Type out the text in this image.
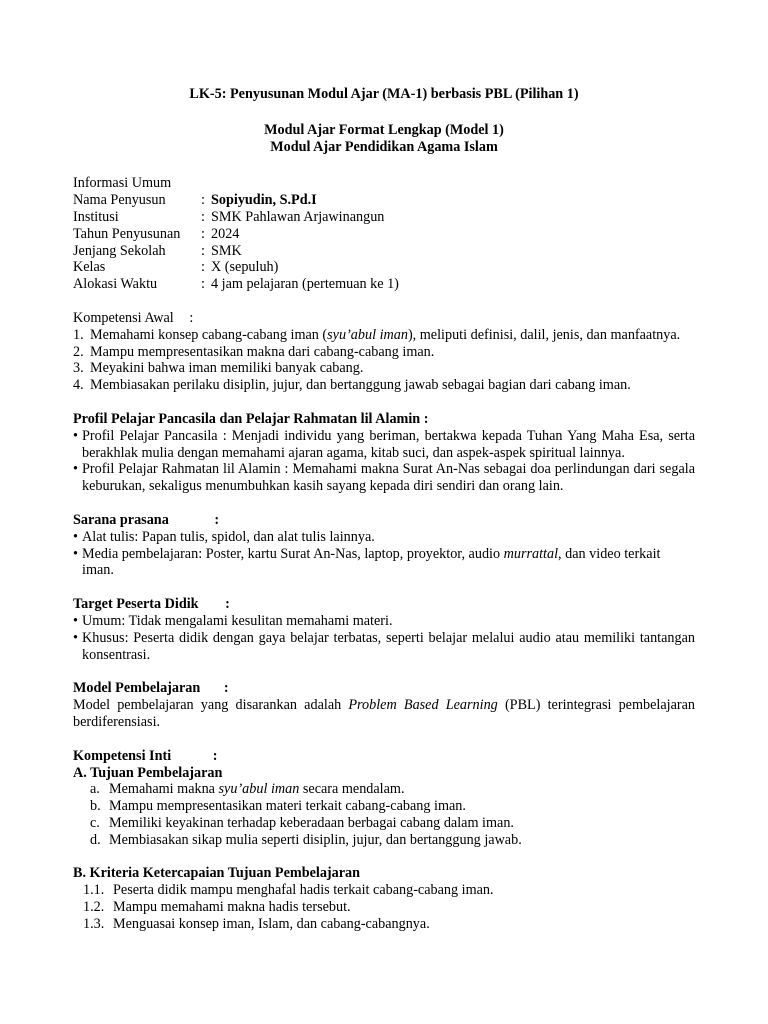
LK-5: Penyusunan Modul Ajar (MA-1) berbasis PBL (Pilihan 1)
Modul Ajar Format Lengkap (Model 1)
Modul Ajar Pendidikan Agama Islam
Informasi Umum
Nama Penyusun	: Sopiyudin, S.Pd.I
Institusi	: SMK Pahlawan Arjawinangun
Tahun Penyusunan	: 2024
Jenjang Sekolah	: SMK
Kelas	: X (sepuluh)
Alokasi Waktu	: 4 jam pelajaran (pertemuan ke 1)
Kompetensi Awal :
1. Memahami konsep cabang-cabang iman (syu’abul iman), meliputi definisi, dalil, jenis, dan manfaatnya.
2. Mampu mempresentasikan makna dari cabang-cabang iman.
3. Meyakini bahwa iman memiliki banyak cabang.
4. Membiasakan perilaku disiplin, jujur, dan bertanggung jawab sebagai bagian dari cabang iman.
Profil Pelajar Pancasila dan Pelajar Rahmatan lil Alamin :
• Profil Pelajar Pancasila : Menjadi individu yang beriman, bertakwa kepada Tuhan Yang Maha Esa, serta berakhlak mulia dengan memahami ajaran agama, kitab suci, dan aspek-aspek spiritual lainnya.
• Profil Pelajar Rahmatan lil Alamin : Memahami makna Surat An-Nas sebagai doa perlindungan dari segala keburukan, sekaligus menumbuhkan kasih sayang kepada diri sendiri dan orang lain.
Sarana prasana	:
• Alat tulis: Papan tulis, spidol, dan alat tulis lainnya.
• Media pembelajaran: Poster, kartu Surat An-Nas, laptop, proyektor, audio murrattal, dan video terkait iman.
Target Peserta Didik :
• Umum: Tidak mengalami kesulitan memahami materi.
• Khusus: Peserta didik dengan gaya belajar terbatas, seperti belajar melalui audio atau memiliki tantangan konsentrasi.
Model Pembelajaran :
Model pembelajaran yang disarankan adalah Problem Based Learning (PBL) terintegrasi pembelajaran berdiferensiasi.
Kompetensi Inti	:
A. Tujuan Pembelajaran
a. Memahami makna syu’abul iman secara mendalam.
b. Mampu mempresentasikan materi terkait cabang-cabang iman.
c. Memiliki keyakinan terhadap keberadaan berbagai cabang dalam iman.
d. Membiasakan sikap mulia seperti disiplin, jujur, dan bertanggung jawab.
B. Kriteria Ketercapaian Tujuan Pembelajaran
1.1. Peserta didik mampu menghafal hadis terkait cabang-cabang iman.
1.2. Mampu memahami makna hadis tersebut.
1.3. Menguasai konsep iman, Islam, dan cabang-cabangnya.
